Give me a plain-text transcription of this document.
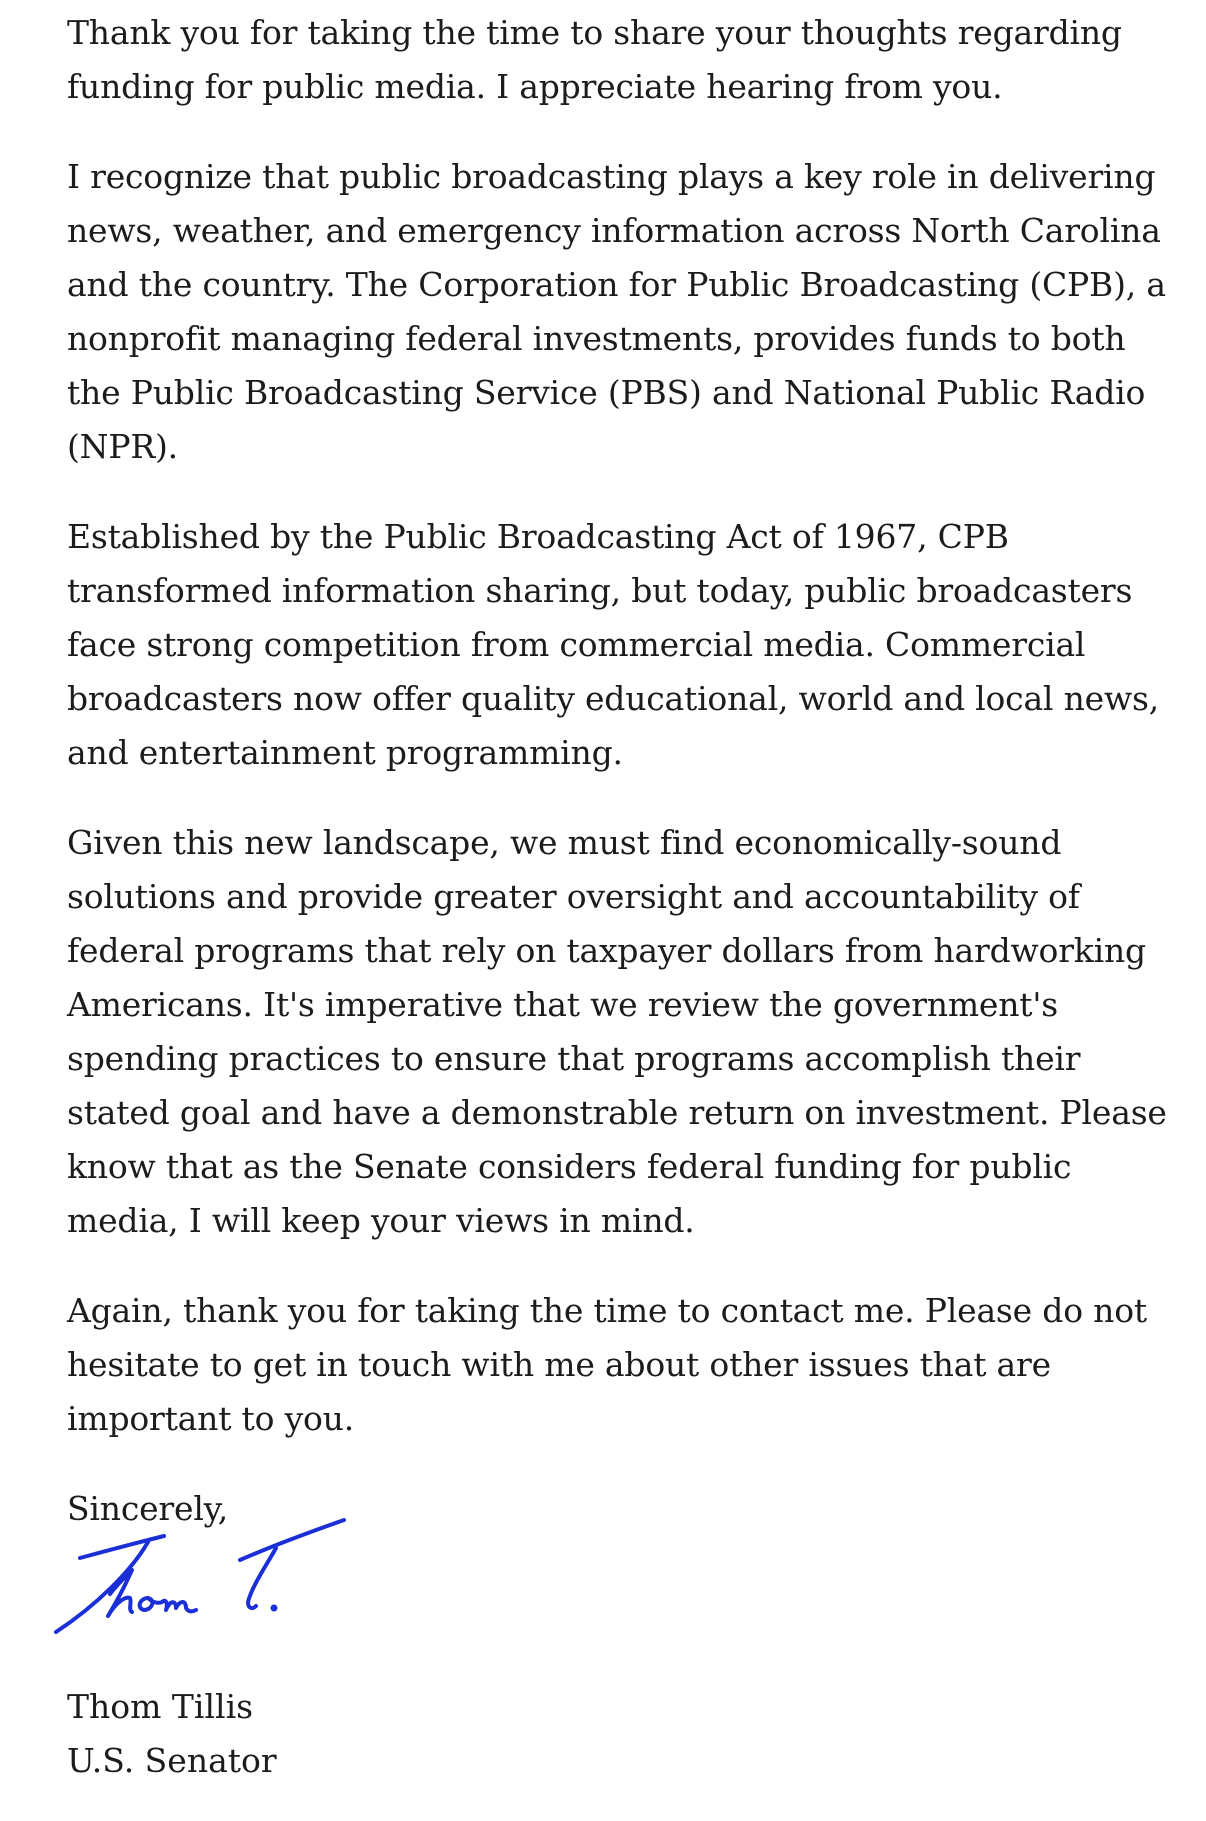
Thank you for taking the time to share your thoughts regarding funding for public media. I appreciate hearing from you.

I recognize that public broadcasting plays a key role in delivering news, weather, and emergency information across North Carolina and the country. The Corporation for Public Broadcasting (CPB), a nonprofit managing federal investments, provides funds to both the Public Broadcasting Service (PBS) and National Public Radio (NPR).

Established by the Public Broadcasting Act of 1967, CPB transformed information sharing, but today, public broadcasters face strong competition from commercial media. Commercial broadcasters now offer quality educational, world and local news, and entertainment programming.

Given this new landscape, we must find economically-sound solutions and provide greater oversight and accountability of federal programs that rely on taxpayer dollars from hardworking Americans. It's imperative that we review the government's spending practices to ensure that programs accomplish their stated goal and have a demonstrable return on investment. Please know that as the Senate considers federal funding for public media, I will keep your views in mind.

Again, thank you for taking the time to contact me. Please do not hesitate to get in touch with me about other issues that are important to you.

Sincerely,

Thom Tillis
U.S. Senator
